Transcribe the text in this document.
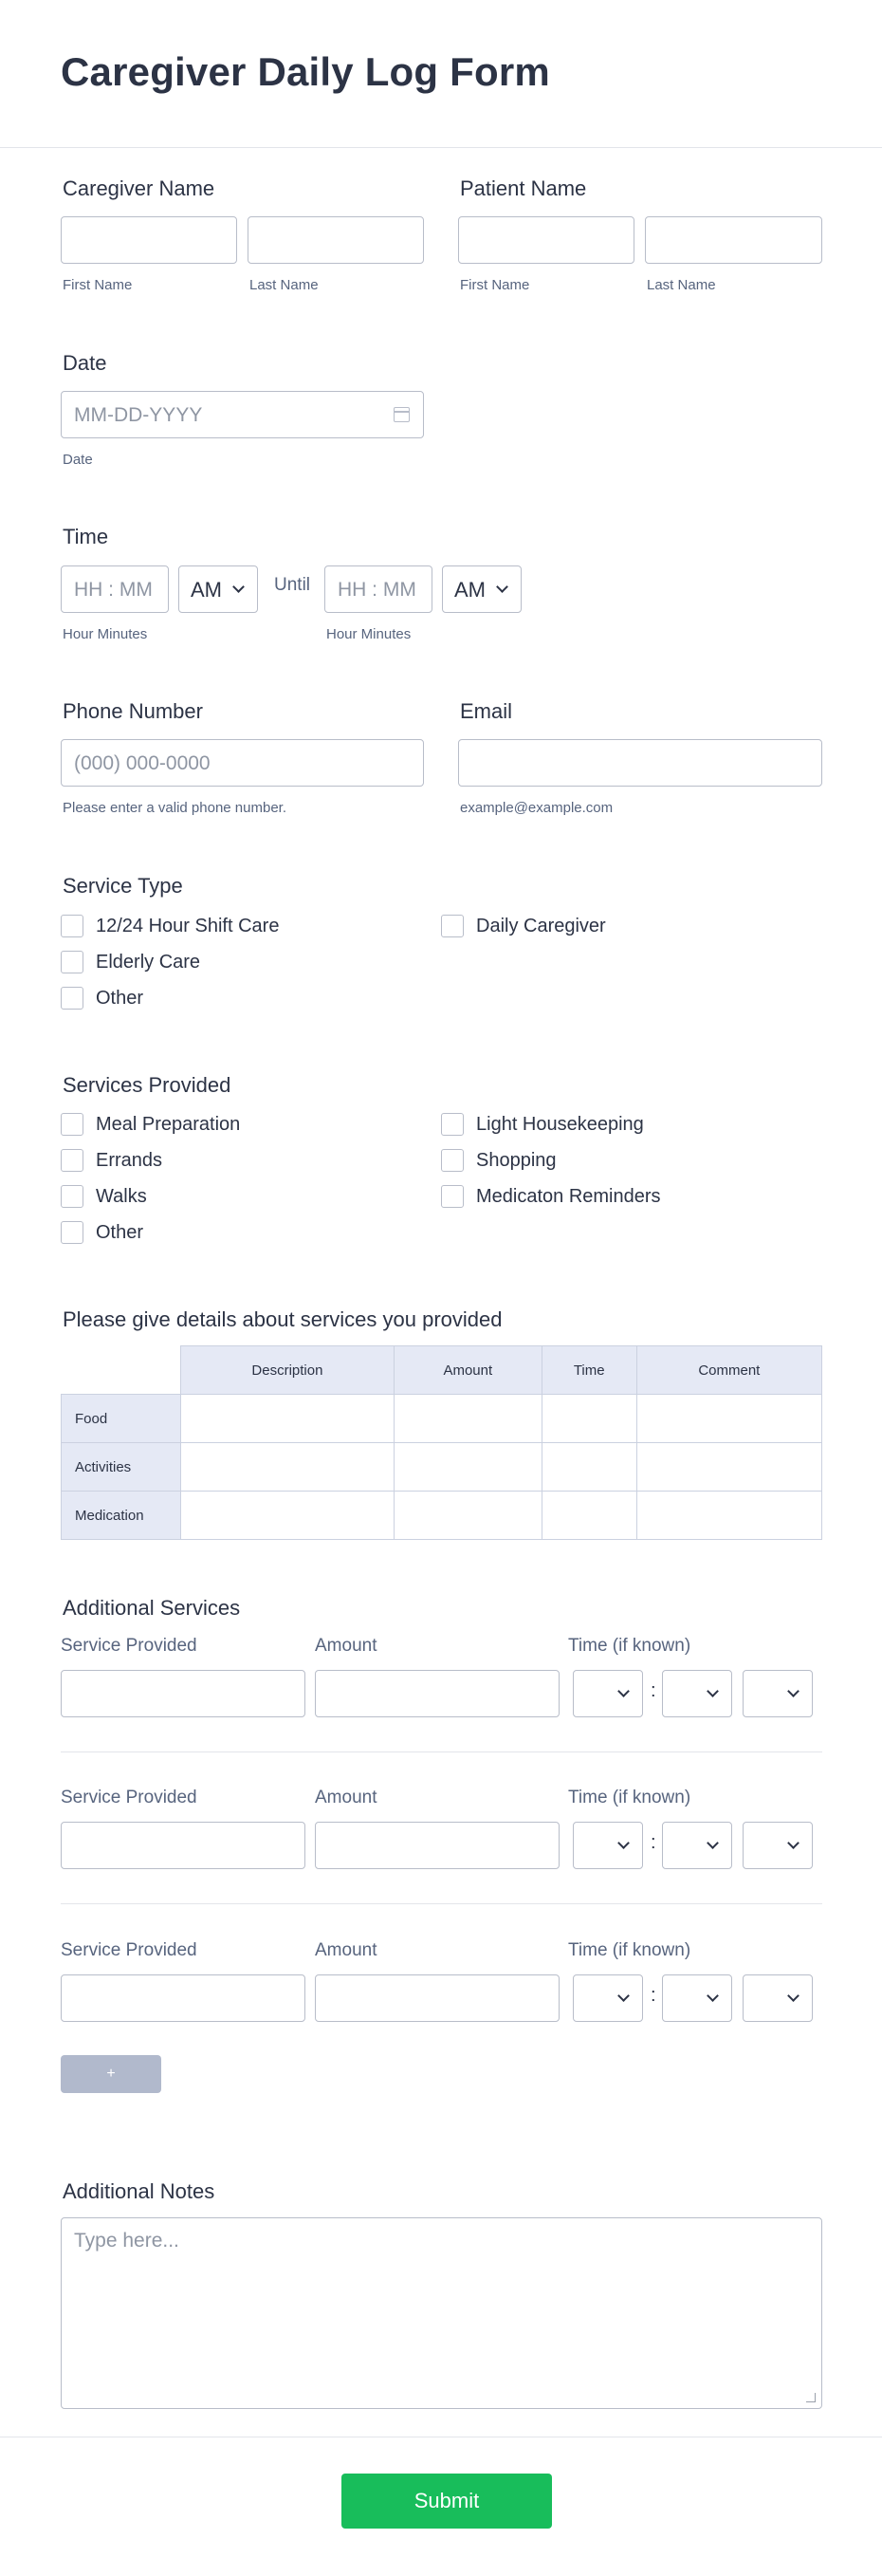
Caregiver Daily Log Form
Caregiver Name
First Name	Last Name
Patient Name
First Name	Last Name
Date
MM-DD-YYYY
Date
Time
HH : MM AM	Until HH : MM AM
Hour Minutes	Hour Minutes
Phone Number
(000) 000-0000
Please enter a valid phone number.
Email
example@example.com
Service Type
12/24 Hour Shift Care	Daily Caregiver
Elderly Care
Other
Services Provided
Meal Preparation	Light Housekeeping
Errands	Shopping
Walks	Medicaton Reminders
Other
Please give details about services you provided
	Description	Amount	Time	Comment
Food				
Activities				
Medication				
Additional Services
Service Provided	Amount	Time (if known)
:
Service Provided	Amount	Time (if known)
:
Service Provided	Amount	Time (if known)
:
+
Additional Notes
Type here...
Submit
